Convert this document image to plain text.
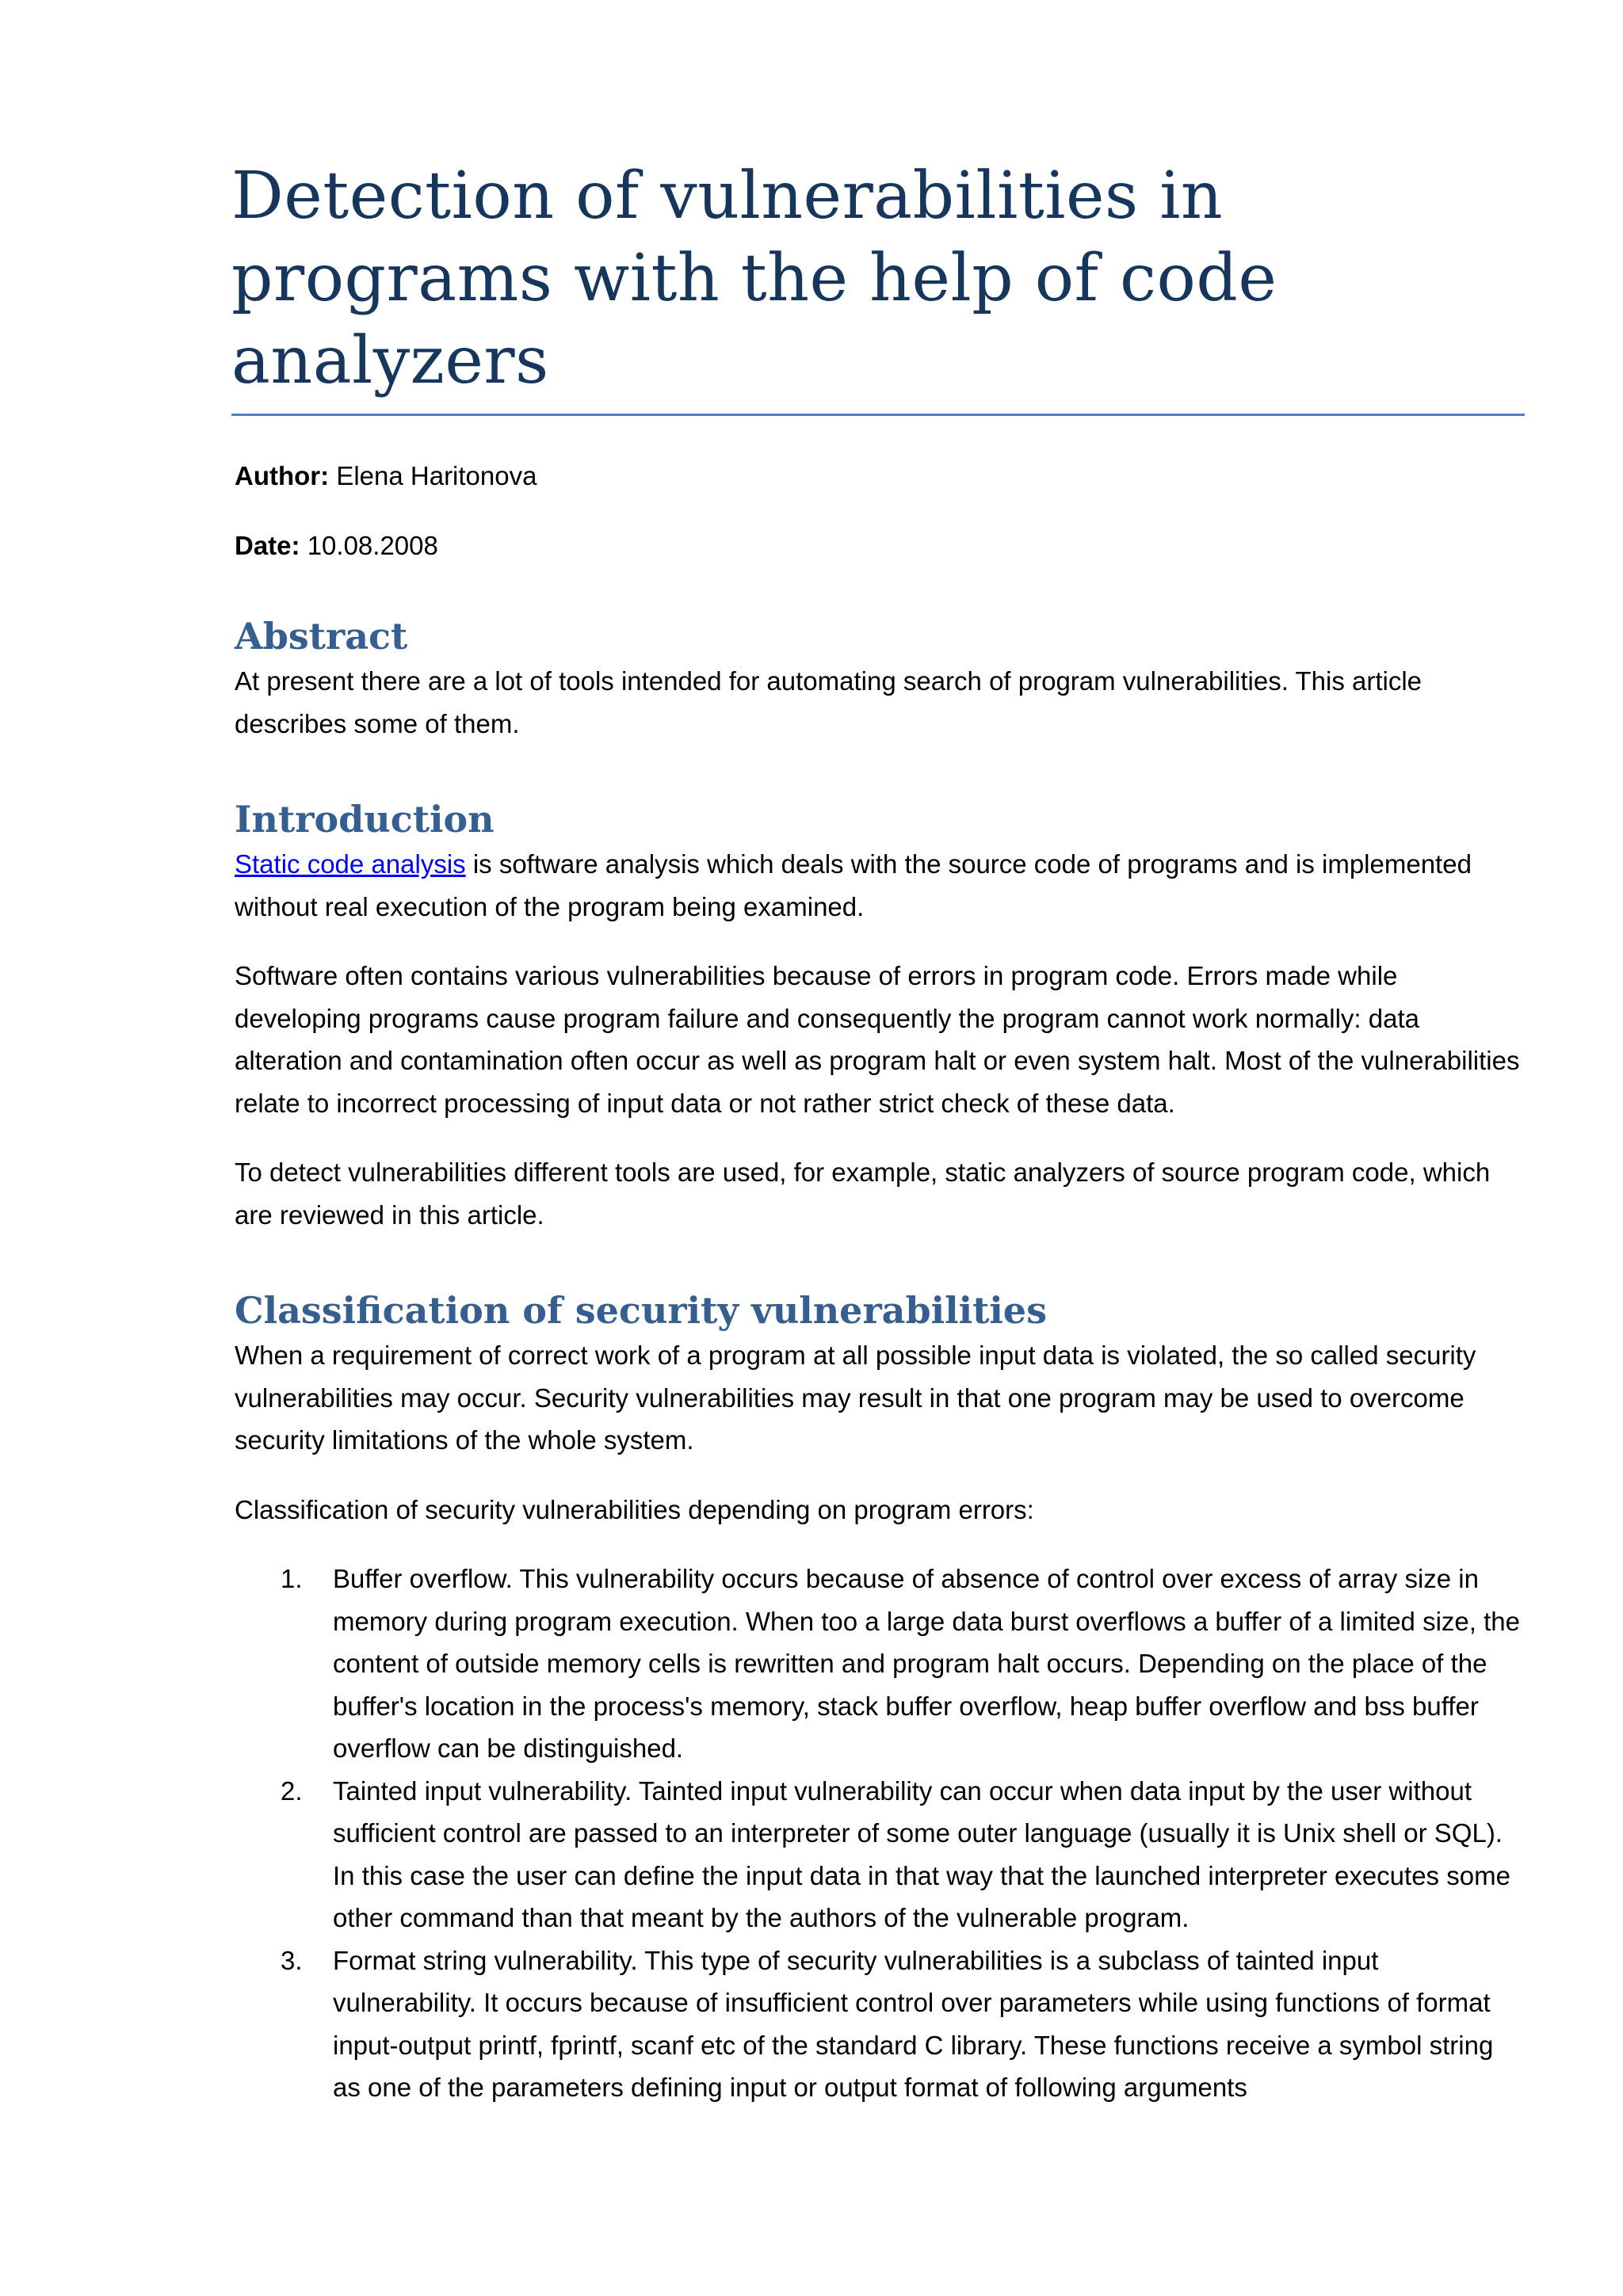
Detection of vulnerabilities in programs with the help of code analyzers

Author: Elena Haritonova

Date: 10.08.2008

Abstract

At present there are a lot of tools intended for automating search of program vulnerabilities. This article describes some of them.

Introduction

Static code analysis is software analysis which deals with the source code of programs and is implemented without real execution of the program being examined.

Software often contains various vulnerabilities because of errors in program code. Errors made while developing programs cause program failure and consequently the program cannot work normally: data alteration and contamination often occur as well as program halt or even system halt. Most of the vulnerabilities relate to incorrect processing of input data or not rather strict check of these data.

To detect vulnerabilities different tools are used, for example, static analyzers of source program code, which are reviewed in this article.

Classification of security vulnerabilities

When a requirement of correct work of a program at all possible input data is violated, the so called security vulnerabilities may occur. Security vulnerabilities may result in that one program may be used to overcome security limitations of the whole system.

Classification of security vulnerabilities depending on program errors:

1. Buffer overflow. This vulnerability occurs because of absence of control over excess of array size in memory during program execution. When too a large data burst overflows a buffer of a limited size, the content of outside memory cells is rewritten and program halt occurs. Depending on the place of the buffer's location in the process's memory, stack buffer overflow, heap buffer overflow and bss buffer overflow can be distinguished.
2. Tainted input vulnerability. Tainted input vulnerability can occur when data input by the user without sufficient control are passed to an interpreter of some outer language (usually it is Unix shell or SQL). In this case the user can define the input data in that way that the launched interpreter executes some other command than that meant by the authors of the vulnerable program.
3. Format string vulnerability. This type of security vulnerabilities is a subclass of tainted input vulnerability. It occurs because of insufficient control over parameters while using functions of format input-output printf, fprintf, scanf etc of the standard C library. These functions receive a symbol string as one of the parameters defining input or output format of following arguments
